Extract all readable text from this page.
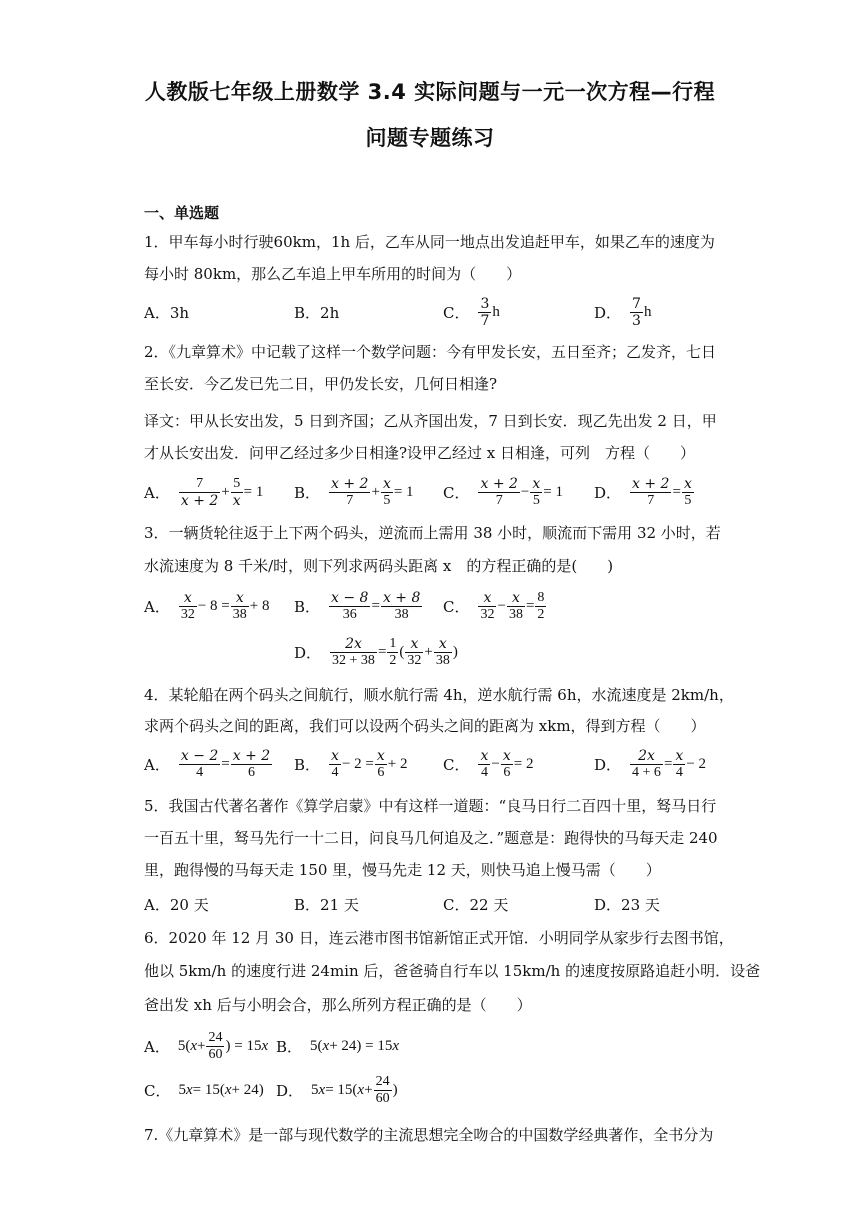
人教版七年级上册数学 3.4 实际问题与一元一次方程—行程
问题专题练习
一、单选题
1．甲车每小时行驶60km，1h 后，乙车从同一地点出发追赶甲车，如果乙车的速度为
每小时 80km，那么乙车追上甲车所用的时间为（　　）
A．3h	B．2h	C． $\frac{3}{7}$ h	D． $\frac{7}{3}$ h
2．《九章算术》中记载了这样一个数学问题：今有甲发长安，五日至齐；乙发齐，七日
至长安．今乙发已先二日，甲仍发长安，几何日相逢?
译文：甲从长安出发，5 日到齐国；乙从齐国出发，7 日到长安．现乙先出发 2 日，甲
才从长安出发．问甲乙经过多少日相逢?设甲乙经过 x 日相逢，可列　方程（　　）
A． $\frac{7}{x + 2} + \frac{5}{x} = 1$ B． $\frac{x + 2}{7} + \frac{x}{5} = 1$ C． $\frac{x + 2}{7} - \frac{x}{5} = 1$ D． $\frac{x + 2}{7} = \frac{x}{5}$
3．一辆货轮往返于上下两个码头，逆流而上需用 38 小时，顺流而下需用 32 小时，若
水流速度为 8 千米/时，则下列求两码头距离 x　的方程正确的是(　　)
A． $\frac{x}{32} - 8 = \frac{x}{38} + 8$ B． $\frac{x - 8}{36} = \frac{x + 8}{38}$ C． $\frac{x}{32} - \frac{x}{38} = \frac{8}{2}$
D． $\frac{2x}{32 + 38} = \frac{1}{2}$ ( $\frac{x}{32} + \frac{x}{38}$ )
4．某轮船在两个码头之间航行，顺水航行需 4h，逆水航行需 6h，水流速度是 2km/h，
求两个码头之间的距离，我们可以设两个码头之间的距离为 xkm，得到方程（　　）
A． $\frac{x - 2}{4} = \frac{x + 2}{6}$ B． $\frac{x}{4} - 2 = \frac{x}{6} + 2$ C． $\frac{x}{4} - \frac{x}{6} = 2$	D． $\frac{2x}{4 + 6} = \frac{x}{4} - 2$
5．我国古代著名著作《算学启蒙》中有这样一道题：“良马日行二百四十里，驽马日行
一百五十里，驽马先行一十二日，问良马几何追及之．”题意是：跑得快的马每天走 240
里，跑得慢的马每天走 150 里，慢马先走 12 天，则快马追上慢马需（　　）
A．20 天	B．21 天	C．22 天	D．23 天
6．2020 年 12 月 30 日，连云港市图书馆新馆正式开馆．小明同学从家步行去图书馆，
他以 5km/h 的速度行进 24min 后，爸爸骑自行车以 15km/h 的速度按原路追赶小明．设爸
爸出发 xh 后与小明会合，那么所列方程正确的是（　　）
A． 5( $x + \frac{24}{60}$ ) = 15 x B． 5( x + 24) = 15 x
C． 5 x = 15( x + 24) D． 5 x = 15( $x + \frac{24}{60}$ )
7.《九章算术》是一部与现代数学的主流思想完全吻合的中国数学经典著作，全书分为
